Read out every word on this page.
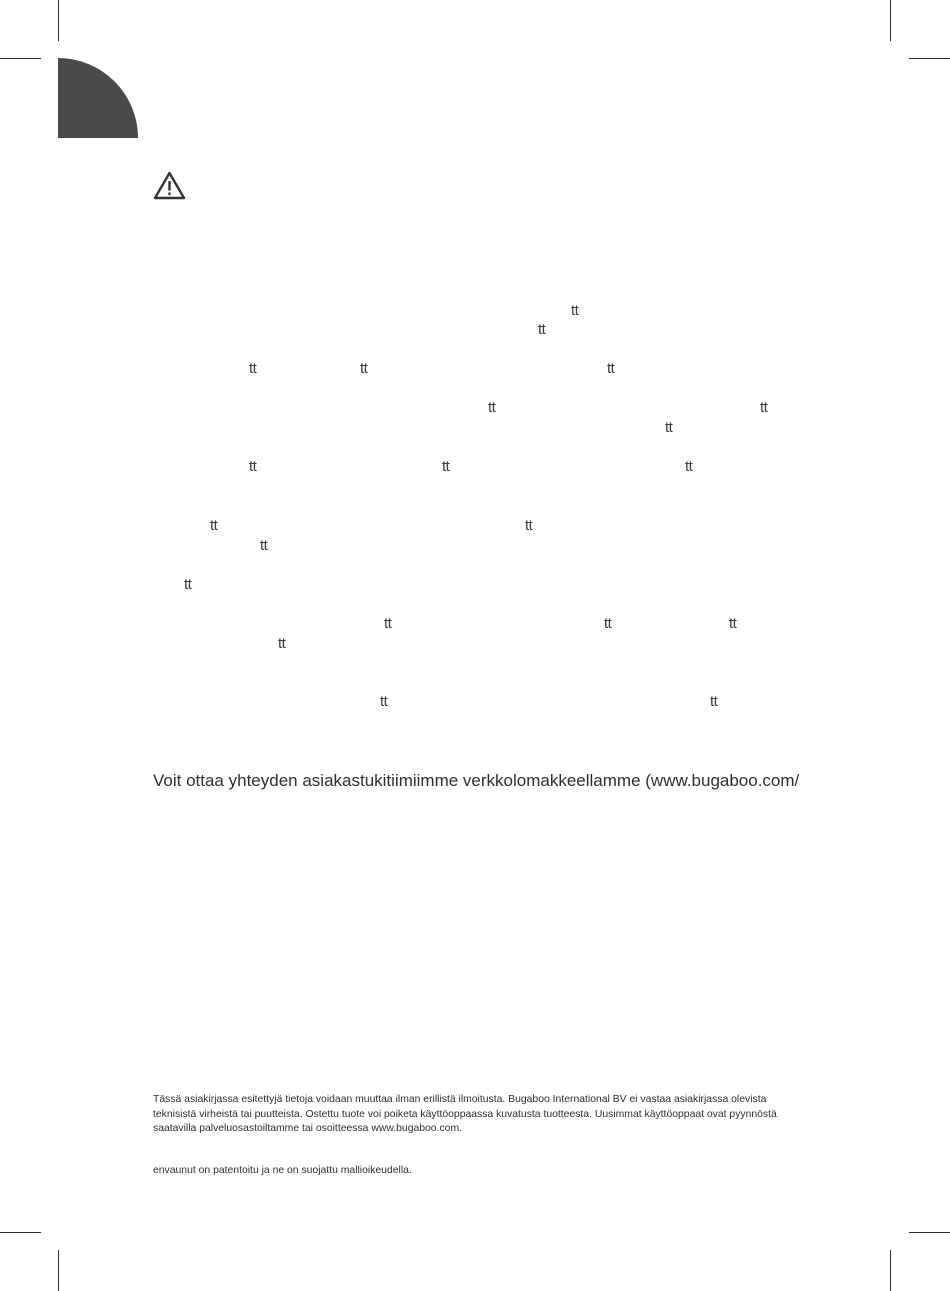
tt
tt
tt	tt	tt
tt	tt
tt
tt	tt	tt
tt	tt
tt
tt
tt	tt	tt
tt
tt	tt
Voit ottaa yhteyden asiakastukitiimiimme verkkolomakkeellamme (www.bugaboo.com/
Tässä asiakirjassa esitettyjä tietoja voidaan muuttaa ilman erillistä ilmoitusta. Bugaboo International BV ei vastaa asiakirjassa olevista
teknisistä virheistä tai puutteista. Ostettu tuote voi poiketa käyttöoppaassa kuvatusta tuotteesta. Uusimmat käyttöoppaat ovat pyynnöstä
saatavilla palveluosastoiltamme tai osoitteessa www.bugaboo.com.
envaunut on patentoitu ja ne on suojattu mallioikeudella.
